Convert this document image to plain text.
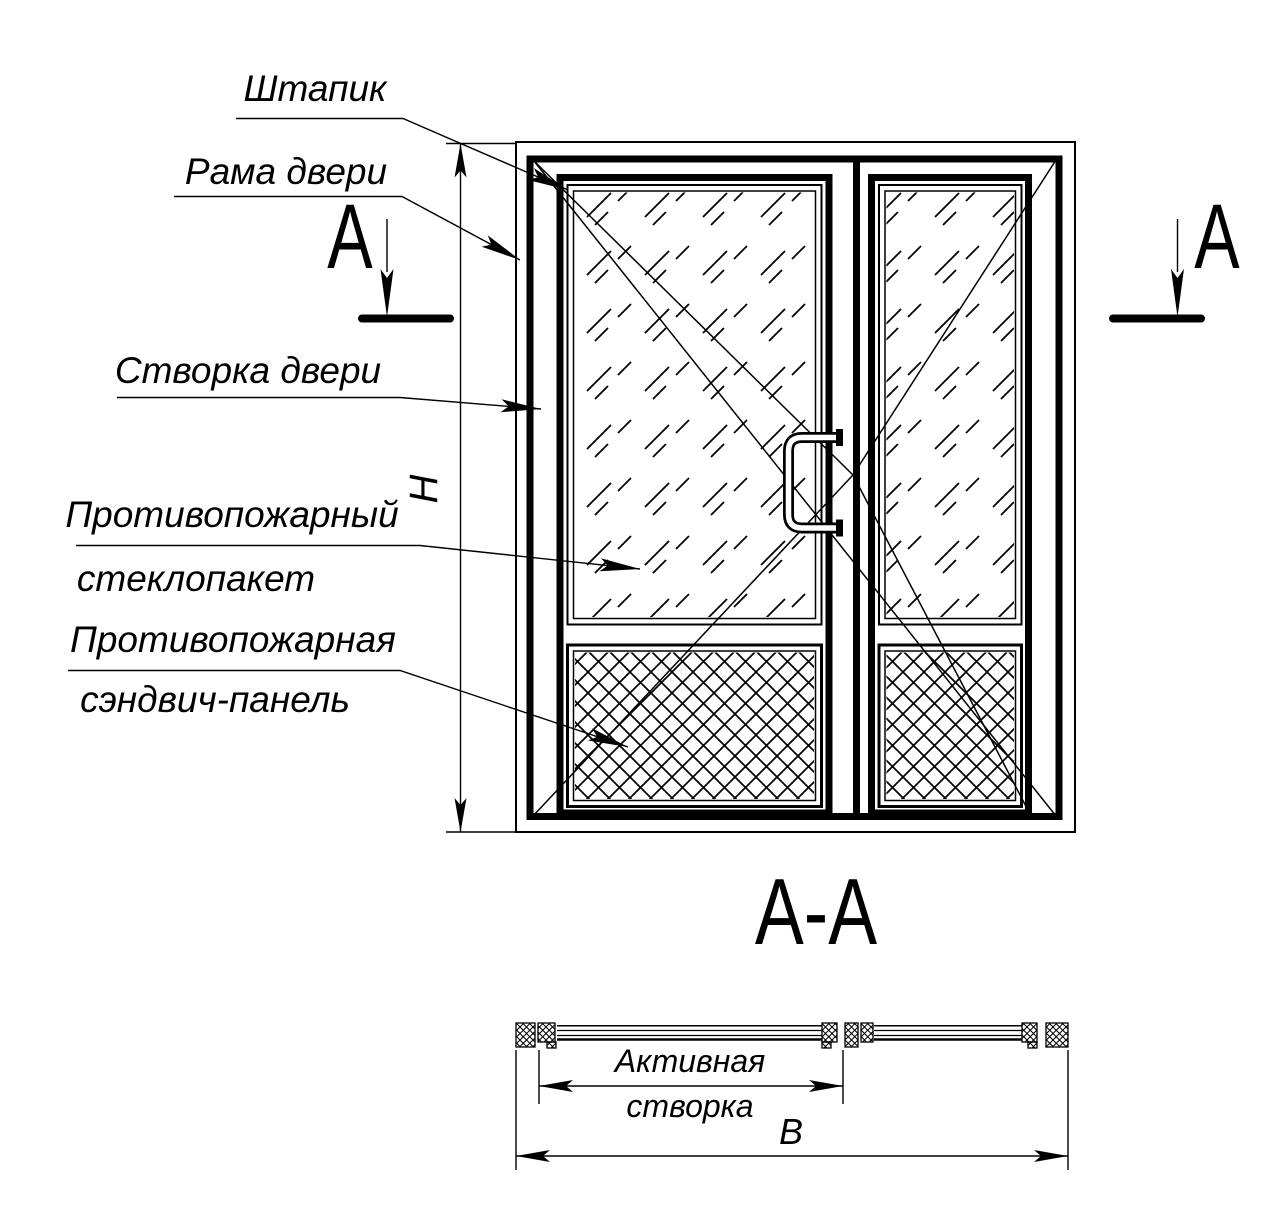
Н
А	А
Штапик
Рама двери
Створка двери
Противопожарный
стеклопакет
Противопожарная
сэндвич-панель
А-А
Активная
створка
В
